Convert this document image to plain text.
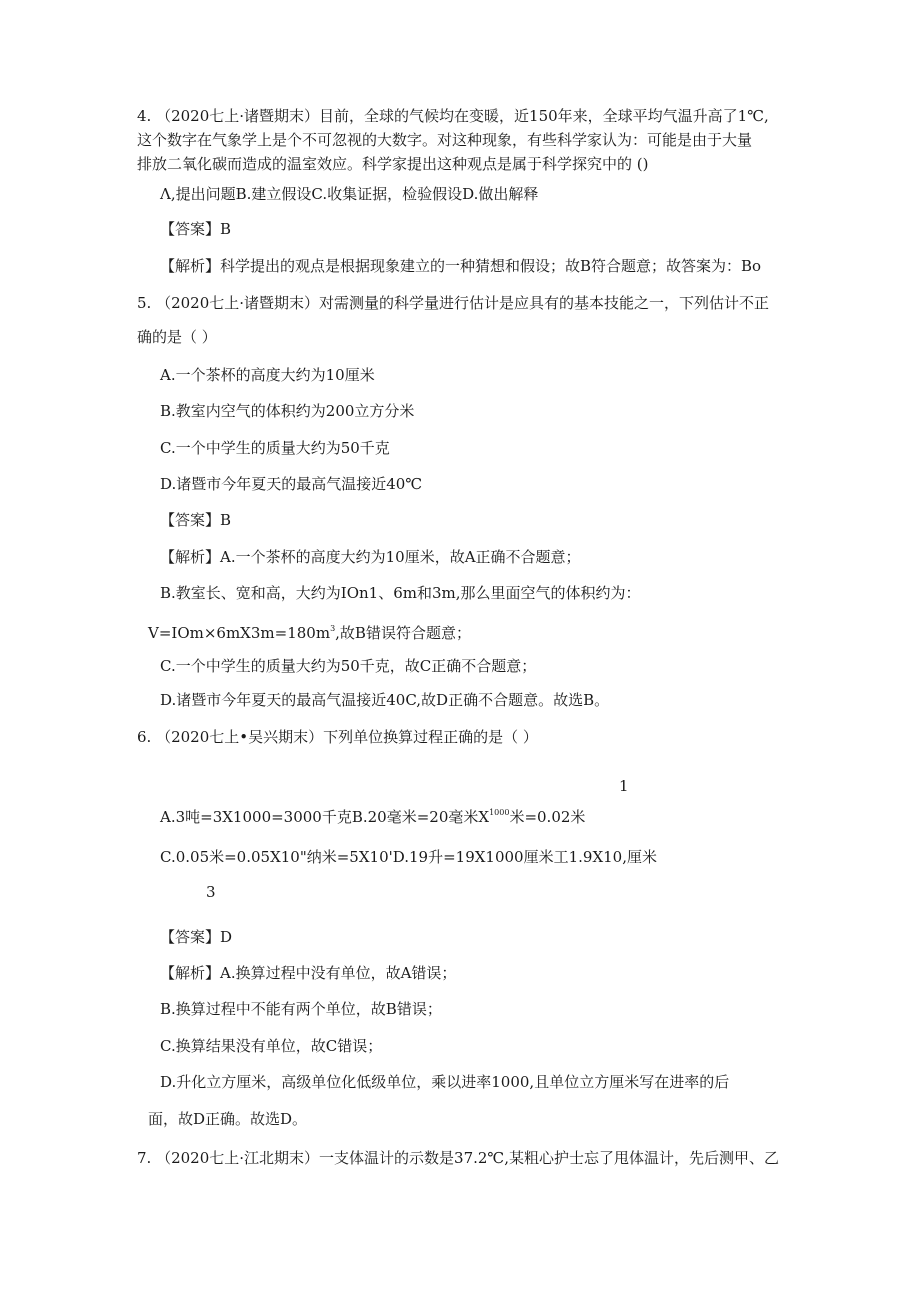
4. （2020七上·诸暨期末）目前，全球的气候均在变暖，近150年来，全球平均气温升高了1℃,
这个数字在气象学上是个不可忽视的大数字。对这种现象，有些科学家认为：可能是由于大量
排放二氧化碳而造成的温室效应。科学家提出这种观点是属于科学探究中的 ()
Λ,提出问题B.建立假设C.收集证据，检验假设D.做出解释
【答案】B
【解析】科学提出的观点是根据现象建立的一种猜想和假设；故B符合题意；故答案为：Bo
5. （2020七上·诸暨期末）对需测量的科学量进行估计是应具有的基本技能之一，下列估计不正
确的是（ ）
A.一个茶杯的高度大约为10厘米
B.教室内空气的体积约为200立方分米
C.一个中学生的质量大约为50千克
D.诸暨市今年夏天的最高气温接近40℃
【答案】B
【解析】A.一个茶杯的高度大约为10厘米，故A正确不合题意；
B.教室长、宽和高，大约为IOn1、6m和3m,那么里面空气的体积约为：
$V=IOm\times 6mX3m=180m^3$,故B错误符合题意；
C.一个中学生的质量大约为50千克，故C正确不合题意；
D.诸暨市今年夏天的最高气温接近40C,故D正确不合题意。故选B。
6. （2020七上•吴兴期末）下列单位换算过程正确的是（ ）
1
A.3吨=3X1000=3000千克B.20毫米=20毫米$X^{1000}$米=0.02米
C.0.05米=0.05X10"纳米=5X10'D.19升=19X1000厘米工1.9X10,厘米
3
【答案】D
【解析】A.换算过程中没有单位，故A错误；
B.换算过程中不能有两个单位，故B错误；
C.换算结果没有单位，故C错误；
D.升化立方厘米，高级单位化低级单位，乘以进率1000,且单位立方厘米写在进率的后
面，故D正确。故选D。
7. （2020七上·江北期末）一支体温计的示数是37.2℃,某粗心护士忘了甩体温计，先后测甲、乙
